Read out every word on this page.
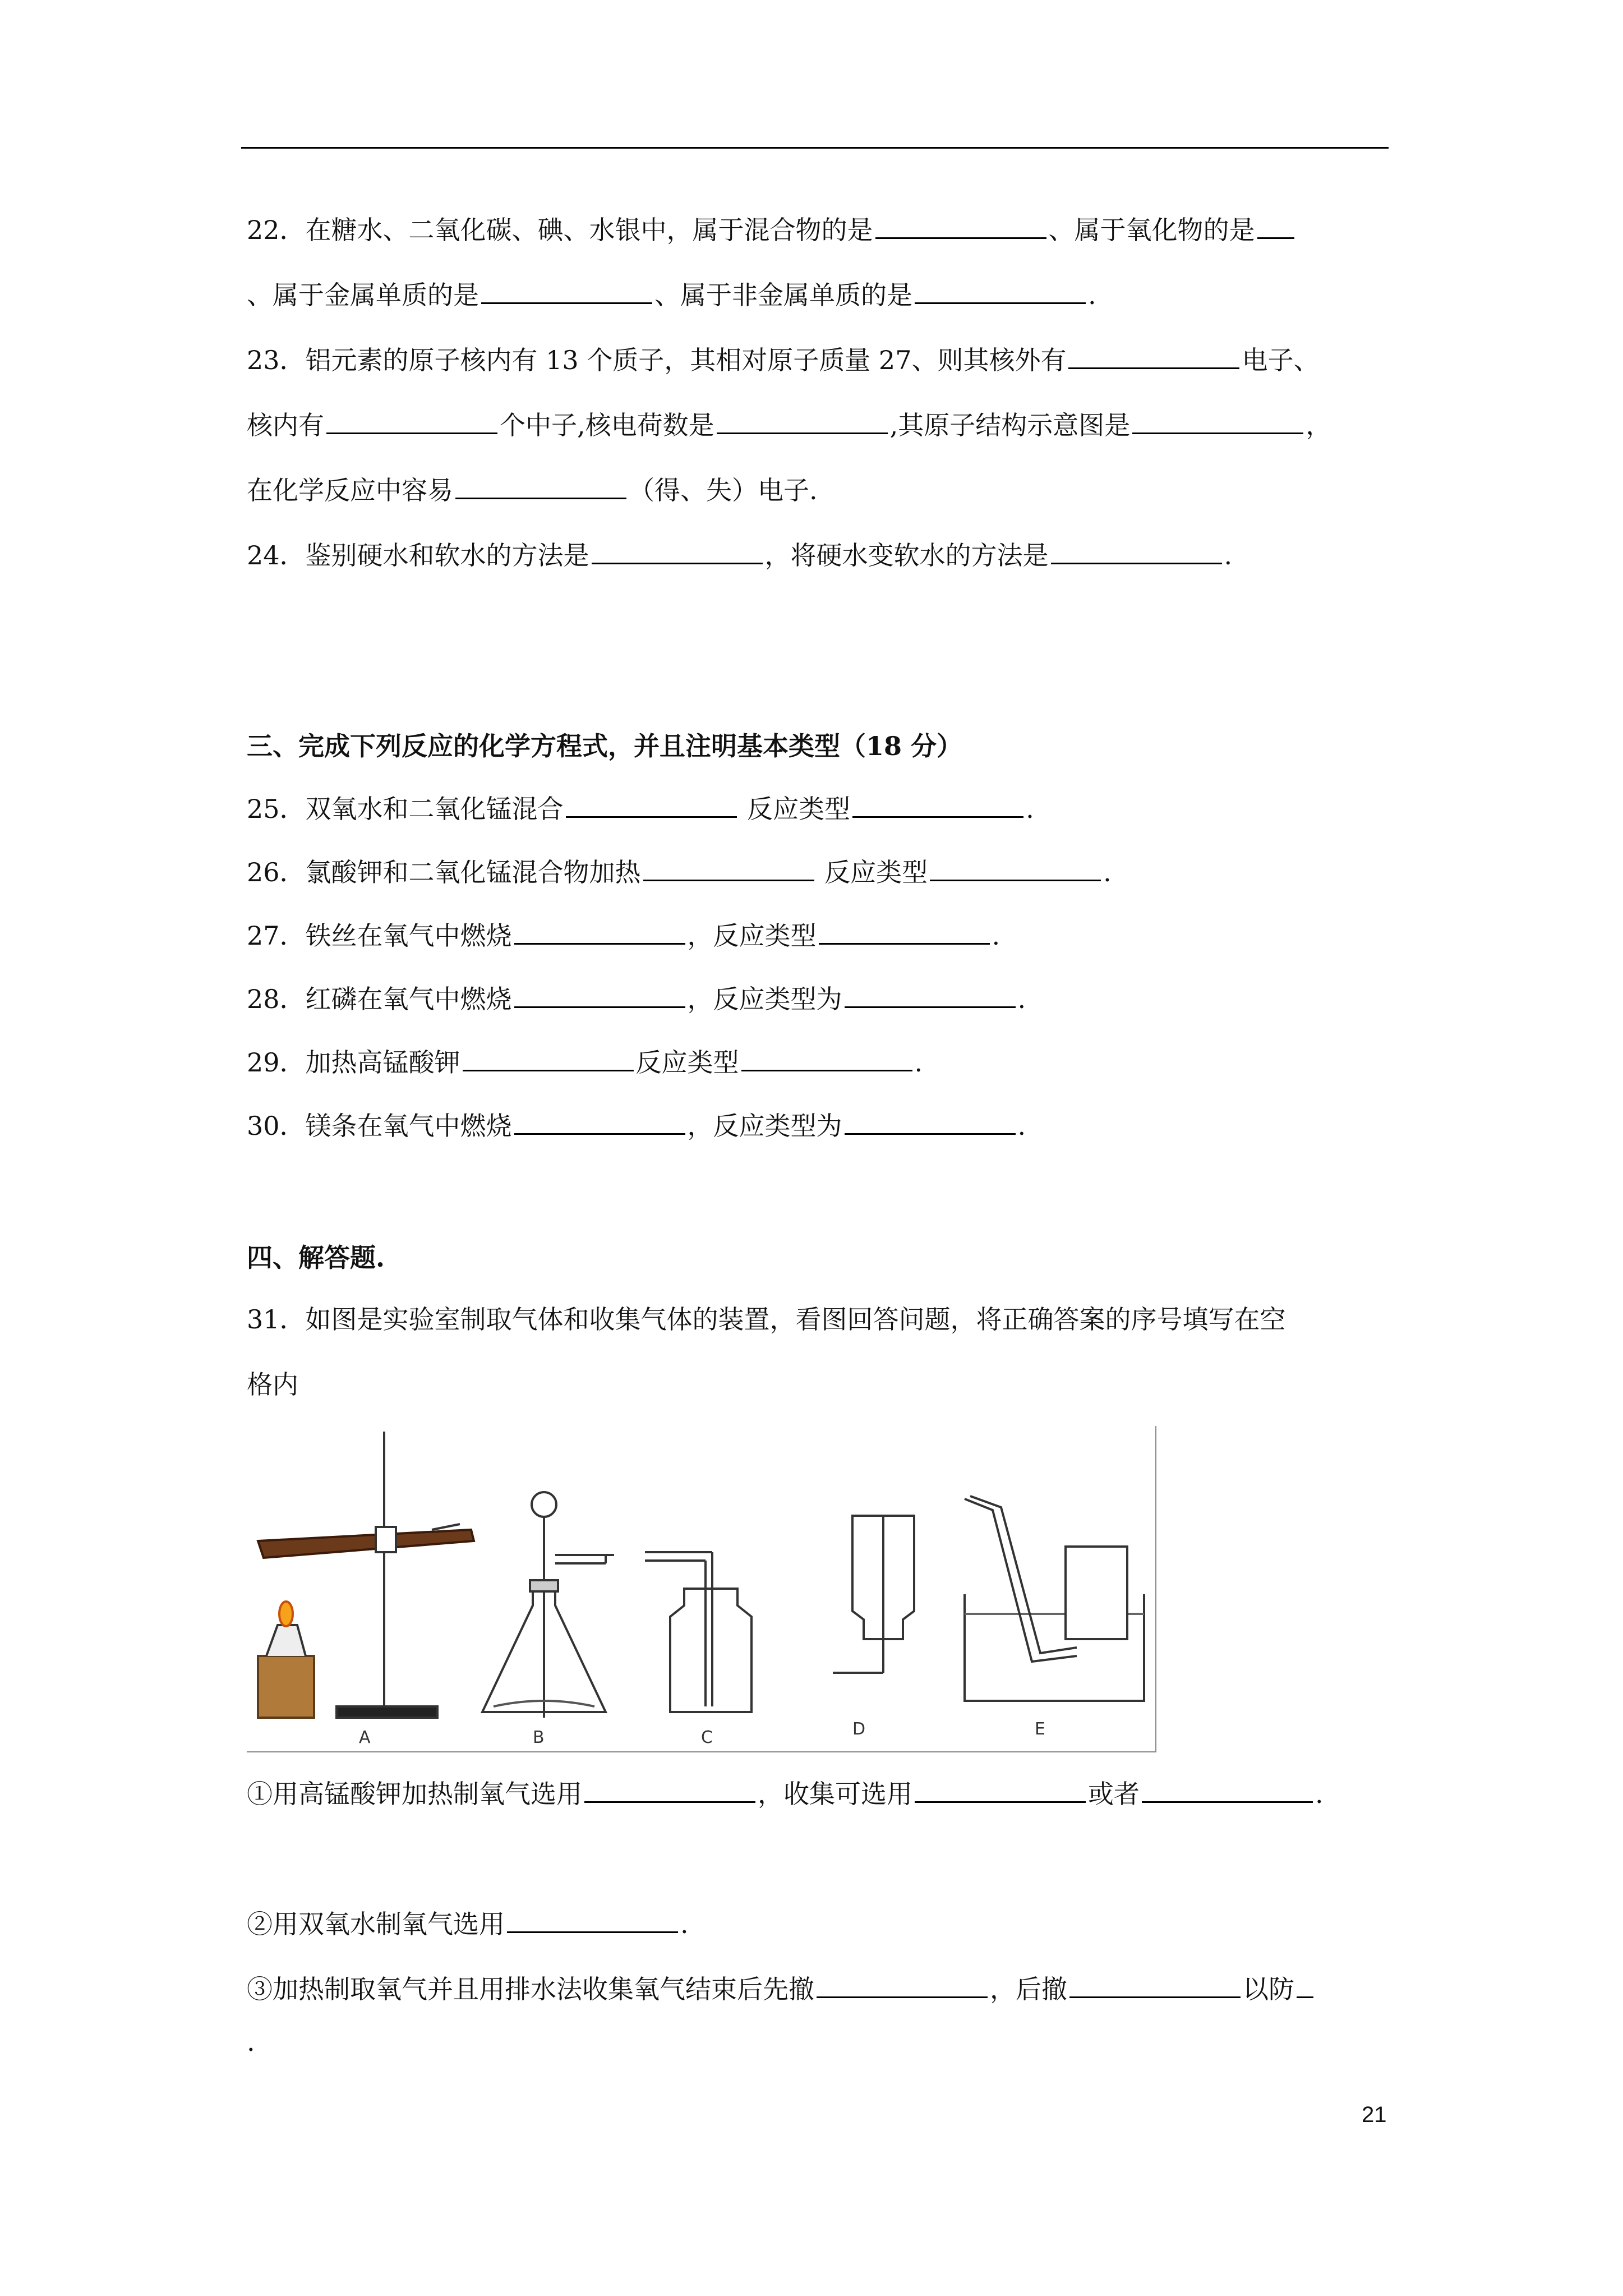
22．在糖水、二氧化碳、碘、水银中，属于混合物的是	、属于氧化物的是
、属于金属单质的是	、属于非金属单质的是	.
23．铝元素的原子核内有 13 个质子，其相对原子质量 27、则其核外有	电子、
核内有	个中子,核电荷数是	,其原子结构示意图是	，
在化学反应中容易	（得、失）电子.
24．鉴别硬水和软水的方法是	，将硬水变软水的方法是	.
三、完成下列反应的化学方程式，并且注明基本类型（18 分）
25．双氧水和二氧化锰混合	反应类型	.
26．氯酸钾和二氧化锰混合物加热	反应类型	.
27．铁丝在氧气中燃烧	，反应类型	.
28．红磷在氧气中燃烧	，反应类型为	.
29．加热高锰酸钾	反应类型	.
30．镁条在氧气中燃烧	，反应类型为	.
四、解答题.
31．如图是实验室制取气体和收集气体的装置，看图回答问题，将正确答案的序号填写在空
格内
A	B	C	D	E
①用高锰酸钾加热制氧气选用	，收集可选用	或者	.
②用双氧水制氧气选用	.
③加热制取氧气并且用排水法收集氧气结束后先撤	，后撤	以防
.
21
